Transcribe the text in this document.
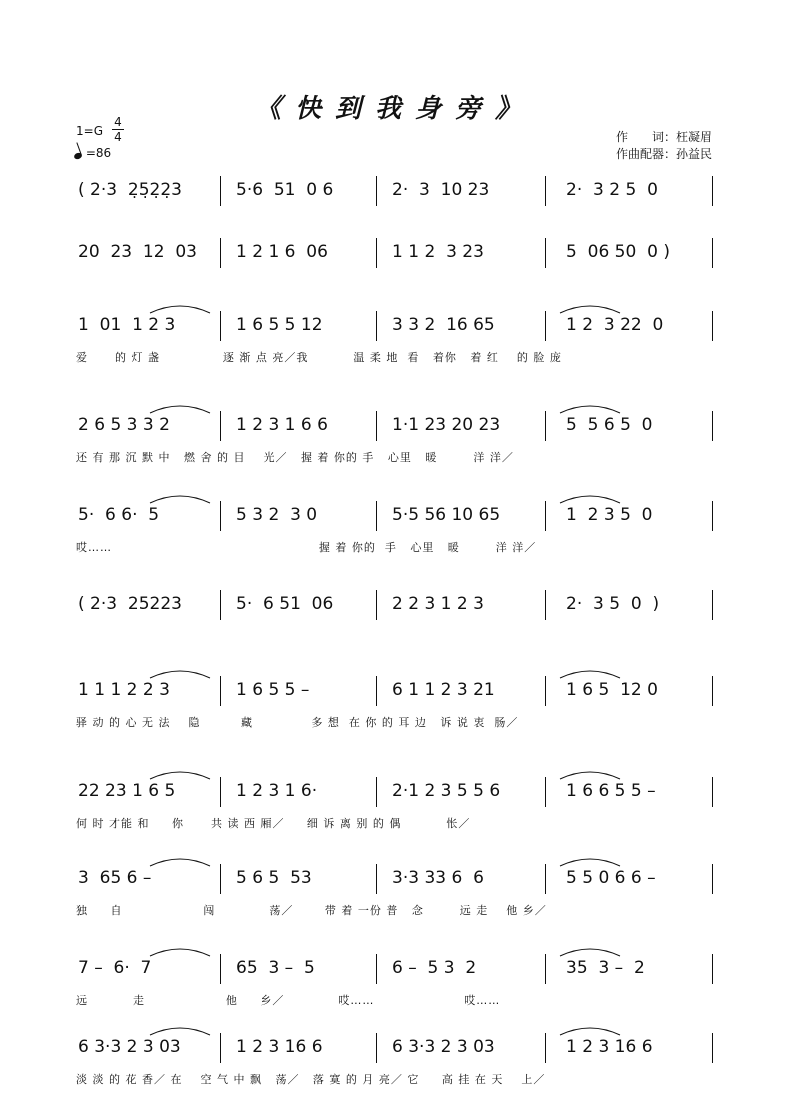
《快到我身旁》
1=G
4
4
=86
作　　词：枉凝眉
作曲配器：孙益民
( 2·3  2̣5̣2̣2̣3	5·6  51  0 6	2·  3  10 23	2·  3 2 5  0
20  23  12  03 1 2 1 6  06	1 1 2  3 23	5  06 50  0 )
1  01  1 2 3	1 6 5 5 12	3 3 2  16 65	1 2  3 22  0
爱      的 灯 盏              逐 渐 点 亮／我          温 柔 地  看   着你   着 红    的 脸 庞
2 6 5 3 3 2	1 2 3 1 6 6	1·1 23 20 23	5  5 6 5  0
还 有 那 沉 默 中   燃 舍 的 目    光／   握 着 你的 手   心里   暖        洋 洋／
5·  6 6·  5	5 3 2  3 0	5·5 56 10 65	1  2 3 5  0
哎……                                              握 着 你的  手   心里   暖        洋 洋／
( 2·3  25223	5·  6 51  06	2 2 3 1 2 3	2·  3 5  0  )
1 1 1 2 2 3	1 6 5 5 –	6 1 1 2 3 21	1 6 5  12 0
驿 动 的 心 无 法    隐         藏             多 想  在 你 的 耳 边   诉 说 衷  肠／
22 23 1 6 5	1 2 3 1 6·	2·1 2 3 5 5 6	1 6 6 5 5 –
何 时 才能 和     你      共 读 西 厢／     细 诉 离 别 的 偶          怅／
3  65 6 –	5 6 5  53	3·3 33 6  6	5 5 0 6 6 –
独     自                  闯            荡／       带 着 一份 普   念        远 走    他 乡／
7 –  6·  7	65  3 –  5	6 –  5 3  2	35  3 –  2
远          走                  他     乡／            哎……                    哎……
6 3·3 2 3 03	1 2 3 16 6	6 3·3 2 3 03	1 2 3 16 6
淡 淡 的 花 香／ 在    空 气 中 飘   荡／   落 寞 的 月 亮／ 它     高 挂 在 天    上／
